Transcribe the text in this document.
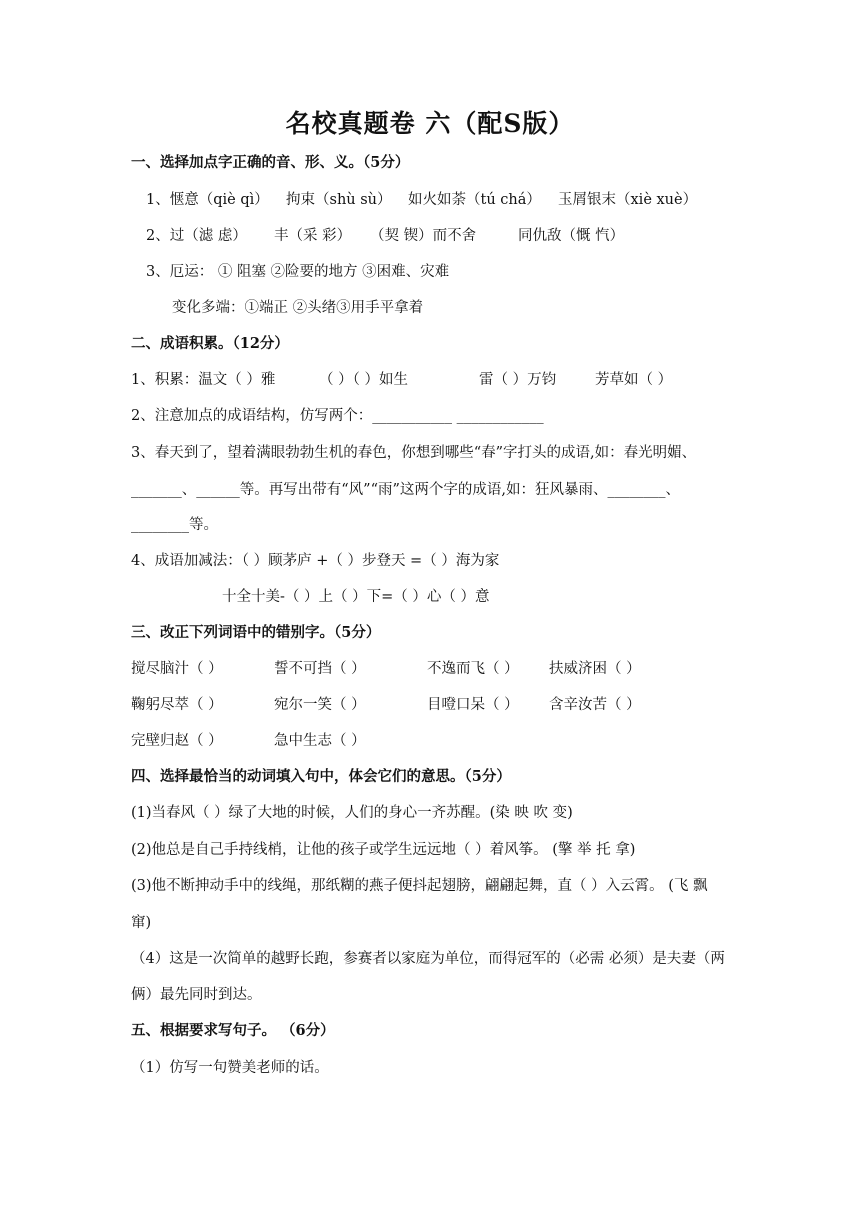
名校真题卷 六（配S版）
一、选择加点字正确的音、形、义。（5分）
1、惬意（qiè qì） 拘束（shù sù） 如火如荼（tú chá） 玉屑银末（xiè xuè）
2、过（滤 虑） 丰（采 彩） （契 锲）而不舍	同仇敌（慨 忾）
3、厄运： ① 阻塞 ②险要的地方 ③困难、灾难
变化多端：①端正 ②头绪③用手平拿着
二、成语积累。（12分）
1、积累：温文（ ）雅	（ ）（ ）如生	雷（ ）万钧	芳草如（ ）
2、注意加点的成语结构，仿写两个：___________ ____________
3、春天到了，望着满眼勃勃生机的春色，你想到哪些“春”字打头的成语,如：春光明媚、
_______、______等。再写出带有“风”“雨”这两个字的成语,如：狂风暴雨、________、
________等。
4、成语加减法：（ ）顾茅庐 +（ ）步登天 =（ ）海为家
十全十美-（ ）上（ ）下=（ ）心（ ）意
三、改正下列词语中的错别字。（5分）
搅尽脑汁（ ）	誓不可挡（ ）	不逸而飞（ ） 扶威济困（ ）
鞠躬尽萃（ ）	宛尔一笑（ ）	目噔口呆（ ） 含辛汝苦（ ）
完壁归赵（ ）	急中生志（ ）
四、选择最恰当的动词填入句中，体会它们的意思。（5分）
(1)当春风（ ）绿了大地的时候，人们的身心一齐苏醒。(染 映 吹 变)
(2)他总是自己手持线梢，让他的孩子或学生远远地（ ）着风筝。 (擎 举 托 拿)
(3)他不断抻动手中的线绳，那纸糊的燕子便抖起翅膀，翩翩起舞，直（ ）入云霄。 (飞 飘
窜)
（4）这是一次简单的越野长跑，参赛者以家庭为单位，而得冠军的（必需 必须）是夫妻（两
俩）最先同时到达。
五、根据要求写句子。 （6分）
（1）仿写一句赞美老师的话。
